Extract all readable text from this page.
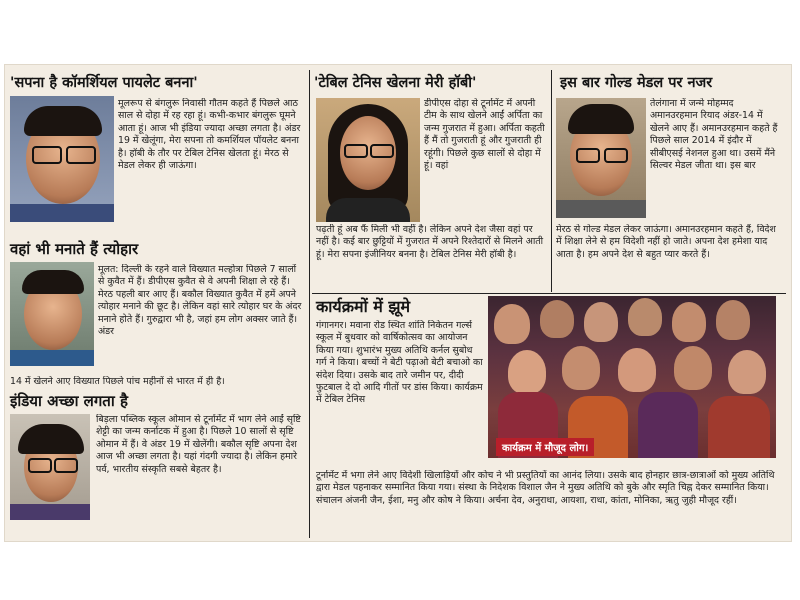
'सपना है कॉमर्शियल पायलेट बनना'
मूलरूप से बंगलुरू निवासी गौतम कहते हैं पिछले आठ साल से दोहा में रह रहा हूं। कभी-कभार बंगलुरू घूमने आता हूं। आज भी इंडिया ज्यादा अच्छा लगता है। अंडर 19 में खेलूंगा, मेरा सपना तो कमर्शियल पॉयलेट बनना है। हॉबी के तौर पर टेबिल टेनिस खेलता हूं। मेरठ से मेडल लेकर ही जाऊंगा।
वहां भी मनाते हैं त्योहार
मूलत: दिल्ली के रहने वाले विख्यात मल्होत्रा पिछले 7 सालों से कुवैत में हैं। डीपीएस कुवैत से वे अपनी शिक्षा ले रहे हैं। मेरठ पहली बार आए हैं। बकौल विख्यात कुवैत में हमें अपने त्योहार मनाने की छूट है। लेकिन वहां सारे त्योहार घर के अंदर मनाने होते हैं। गुरुद्वारा भी है, जहां हम लोग अक्सर जाते हैं। अंडर
14 में खेलने आए विख्यात पिछले पांच महीनों से भारत में ही है।
इंडिया अच्छा लगता है
बिड़ला पब्लिक स्कूल ओमान से टूर्नामेंट में भाग लेने आईं सृष्टि शेट्टी का जन्म कर्नाटक में हुआ है। पिछले 10 सालों से सृष्टि ओमान में हैं। वे अंडर 19 में खेलेंगी। बकौल सृष्टि अपना देश आज भी अच्छा लगता है। यहां गंदगी ज्यादा है। लेकिन हमारे पर्व, भारतीय संस्कृति सबसे बेहतर है।
'टेबिल टेनिस खेलना मेरी हॉबी'
डीपीएस दोहा से टूर्नामेंट में अपनी टीम के साथ खेलने आईं अर्पिता का जन्म गुजरात में हुआ। अर्पिता कहती हैं मैं तो गुजराती हूं और गुजराती ही रहूंगी। पिछले कुछ सालों से दोहा में हूं। वहां
पढ़ती हूं अब फैं मिली भी वहीं है। लेकिन अपने देश जैसा वहां पर नहीं है। कई बार छुट्टियों में गुजरात में अपने रिश्तेदारों से मिलने आती हूं। मेरा सपना इंजीनियर बनना है। टेबिल टेनिस मेरी हॉबी है।
इस बार गोल्ड मेडल पर नजर
तेलंगाना में जन्मे मोहम्मद अमानउरहमान रियाद अंडर-14 में खेलने आए हैं। अमानउरहमान कहते हैं पिछले साल 2014 में इंदौर में सीबीएसई नेशनल हुआ था। उसमें मैंने सिल्वर मेडल जीता था। इस बार
मेरठ से गोल्ड मेडल लेकर जाऊंगा। अमानउरहमान कहते हैं, विदेश में शिक्षा लेने से हम विदेशी नहीं हो जाते। अपना देश हमेशा याद आता है। हम अपने देश से बहुत प्यार करते हैं।
कार्यक्रमों में झूमे
गंगानगर। मवाना रोड स्थित शांति निकेतन गर्ल्स स्कूल में बुधवार को वार्षिकोत्सव का आयोजन किया गया। शुभारंभ मुख्य अतिथि कर्नल सुबोध गर्ग ने किया। बच्चों ने बेटी पढ़ाओ बेटी बचाओ का संदेश दिया। उसके बाद तारे जमीन पर, दीदी फुटबाल दे दो आदि गीतों पर डांस किया। कार्यक्रम में टेबिल टेनिस
कार्यक्रम में मौजूद लोग।
टूर्नामेंट में भगा लेने आए विदेशी खिलाड़ियों और कोच ने भी प्रस्तुतियों का आनंद लिया। उसके बाद होनहार छात्र-छात्राओं को मुख्य अतिथि द्वारा मेडल पहनाकर सम्मानित किया गया। संस्था के निदेशक विशाल जैन ने मुख्य अतिथि को बुके और स्मृति चिह्न देकर सम्मानित किया। संचालन अंजनी जैन, ईशा, मनु और कोष ने किया। अर्चना देव, अनुराधा, आयशा, राधा, कांता, मोनिका, ऋतु जुही मौजूद रहीं।
